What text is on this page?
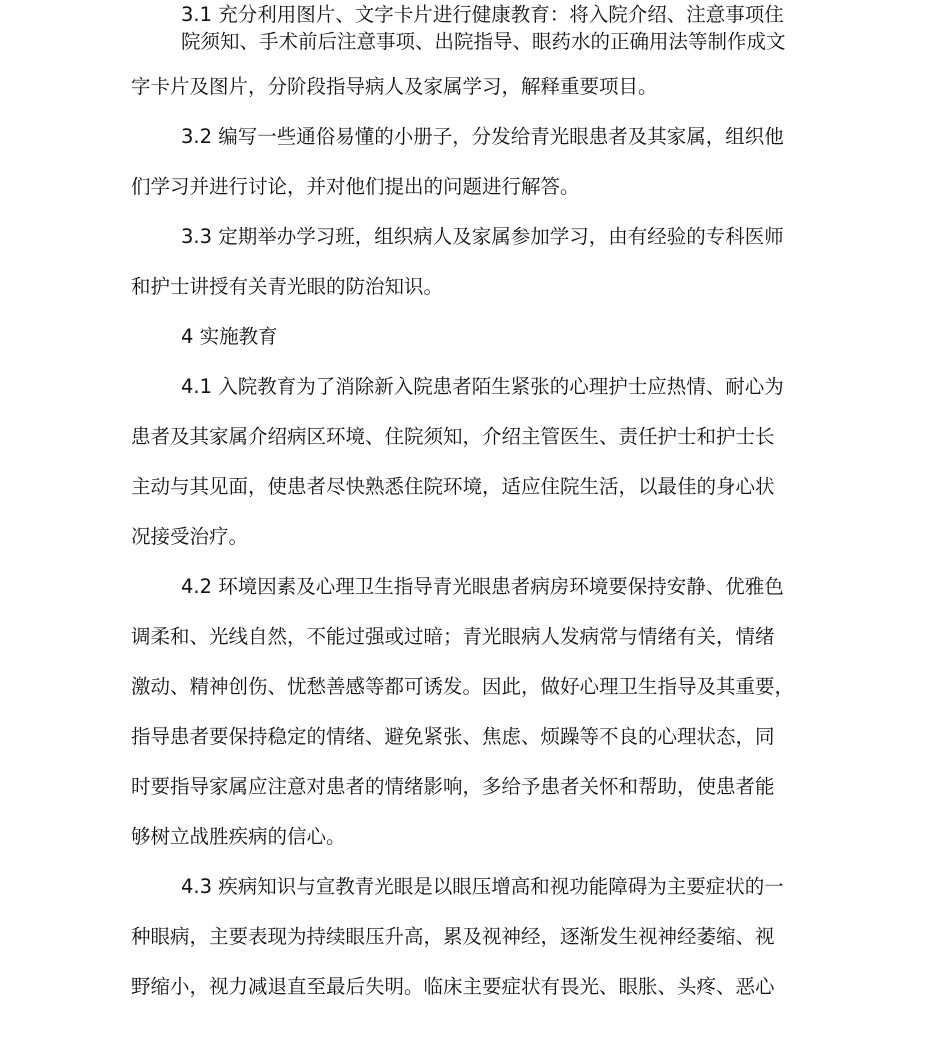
3.1 充分利用图片、文字卡片进行健康教育：将入院介绍、注意事项住
院须知、手术前后注意事项、出院指导、眼药水的正确用法等制作成文
字卡片及图片，分阶段指导病人及家属学习，解释重要项目。
3.2 编写一些通俗易懂的小册子，分发给青光眼患者及其家属，组织他
们学习并进行讨论，并对他们提出的问题进行解答。
3.3 定期举办学习班，组织病人及家属参加学习，由有经验的专科医师
和护士讲授有关青光眼的防治知识。
4 实施教育
4.1 入院教育为了消除新入院患者陌生紧张的心理护士应热情、耐心为
患者及其家属介绍病区环境、住院须知，介绍主管医生、责任护士和护士长
主动与其见面，使患者尽快熟悉住院环境，适应住院生活，以最佳的身心状
况接受治疗。
4.2 环境因素及心理卫生指导青光眼患者病房环境要保持安静、优雅色
调柔和、光线自然，不能过强或过暗；青光眼病人发病常与情绪有关，情绪
激动、精神创伤、忧愁善感等都可诱发。因此，做好心理卫生指导及其重要，
指导患者要保持稳定的情绪、避免紧张、焦虑、烦躁等不良的心理状态，同
时要指导家属应注意对患者的情绪影响，多给予患者关怀和帮助，使患者能
够树立战胜疾病的信心。
4.3 疾病知识与宣教青光眼是以眼压增高和视功能障碍为主要症状的一
种眼病，主要表现为持续眼压升高，累及视神经，逐渐发生视神经萎缩、视
野缩小，视力减退直至最后失明。临床主要症状有畏光、眼胀、头疼、恶心
